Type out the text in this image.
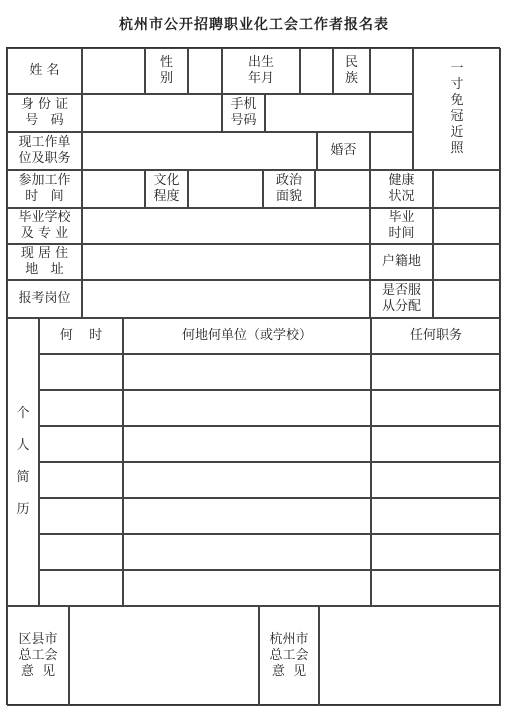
杭州市公开招聘职业化工会工作者报名表
姓 名
性
别
出生
年月
民
族
一
寸
免
冠
近
照
身 份 证
号   码
手机
号码
现工作单
位及职务
婚否
参加工作
时   间
文化
程度
政治
面貌
健康
状况
毕业学校
及 专 业
毕业
时间
现 居 住
地   址
户籍地
报考岗位
是否服
从分配
个

人

简

历
何    时	何地何单位（或学校）	任何职务
区县市
总工会
意  见
杭州市
总工会
意  见
